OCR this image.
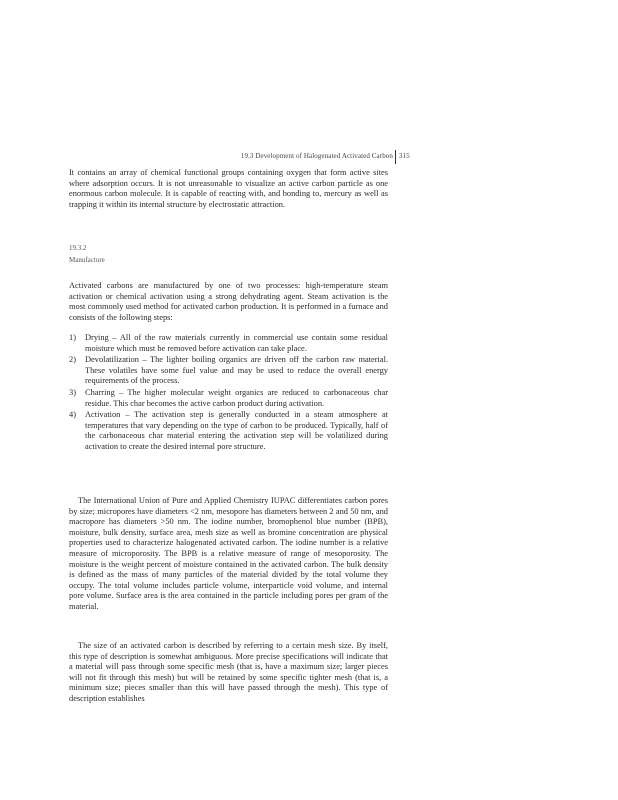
19.3 Development of Halogenated Activated Carbon 315

It contains an array of chemical functional groups containing oxygen that form active sites where adsorption occurs. It is not unreasonable to visualize an active carbon particle as one enormous carbon molecule. It is capable of reacting with, and bonding to, mercury as well as trapping it within its internal structure by electrostatic attraction.

19.3.2
Manufacture

Activated carbons are manufactured by one of two processes: high-temperature steam activation or chemical activation using a strong dehydrating agent. Steam activation is the most commonly used method for activated carbon production. It is performed in a furnace and consists of the following steps:

1) Drying – All of the raw materials currently in commercial use contain some residual moisture which must be removed before activation can take place.
2) Devolatilization – The lighter boiling organics are driven off the carbon raw material. These volatiles have some fuel value and may be used to reduce the overall energy requirements of the process.
3) Charring – The higher molecular weight organics are reduced to carbonaceous char residue. This char becomes the active carbon product during activation.
4) Activation – The activation step is generally conducted in a steam atmosphere at temperatures that vary depending on the type of carbon to be produced. Typically, half of the carbonaceous char material entering the activation step will be volatilized during activation to create the desired internal pore structure.

The International Union of Pure and Applied Chemistry IUPAC differentiates carbon pores by size; micropores have diameters <2 nm, mesopore has diameters between 2 and 50 nm, and macropore has diameters >50 nm. The iodine number, bromophenol blue number (BPB), moisture, bulk density, surface area, mesh size as well as bromine concentration are physical properties used to characterize halogenated activated carbon. The iodine number is a relative measure of microporosity. The BPB is a relative measure of range of mesoporosity. The moisture is the weight percent of moisture contained in the activated carbon. The bulk density is defined as the mass of many particles of the material divided by the total volume they occupy. The total volume includes particle volume, interparticle void volume, and internal pore volume. Surface area is the area contained in the particle including pores per gram of the material.

The size of an activated carbon is described by referring to a certain mesh size. By itself, this type of description is somewhat ambiguous. More precise specifications will indicate that a material will pass through some specific mesh (that is, have a maximum size; larger pieces will not fit through this mesh) but will be retained by some specific tighter mesh (that is, a minimum size; pieces smaller than this will have passed through the mesh). This type of description establishes
